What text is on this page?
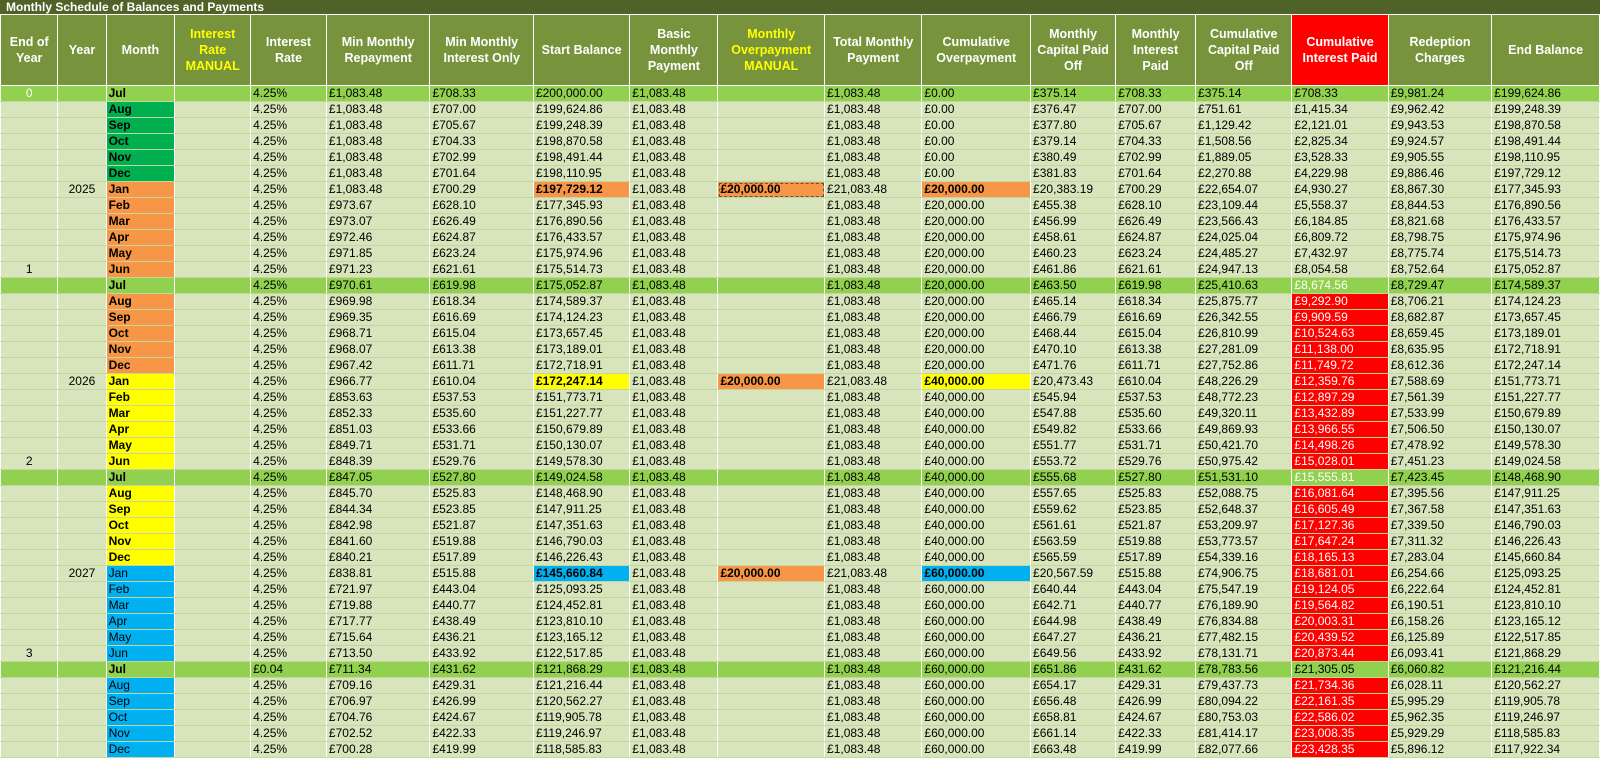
Monthly Schedule of Balances and Payments
End of Year	Year	Month	Interest Rate MANUAL	Interest Rate	Min Monthly Repayment	Min Monthly Interest Only	Start Balance	Basic Monthly Payment	Monthly Overpayment MANUAL	Total Monthly Payment	Cumulative Overpayment	Monthly Capital Paid Off	Monthly Interest Paid	Cumulative Capital Paid Off	Cumulative Interest Paid	Redeption Charges	End Balance
0		Jul		4.25%	£1,083.48	£708.33	£200,000.00	£1,083.48		£1,083.48	£0.00	£375.14	£708.33	£375.14	£708.33	£9,981.24	£199,624.86
		Aug		4.25%	£1,083.48	£707.00	£199,624.86	£1,083.48		£1,083.48	£0.00	£376.47	£707.00	£751.61	£1,415.34	£9,962.42	£199,248.39
		Sep		4.25%	£1,083.48	£705.67	£199,248.39	£1,083.48		£1,083.48	£0.00	£377.80	£705.67	£1,129.42	£2,121.01	£9,943.53	£198,870.58
		Oct		4.25%	£1,083.48	£704.33	£198,870.58	£1,083.48		£1,083.48	£0.00	£379.14	£704.33	£1,508.56	£2,825.34	£9,924.57	£198,491.44
		Nov		4.25%	£1,083.48	£702.99	£198,491.44	£1,083.48		£1,083.48	£0.00	£380.49	£702.99	£1,889.05	£3,528.33	£9,905.55	£198,110.95
		Dec		4.25%	£1,083.48	£701.64	£198,110.95	£1,083.48		£1,083.48	£0.00	£381.83	£701.64	£2,270.88	£4,229.98	£9,886.46	£197,729.12
	2025	Jan		4.25%	£1,083.48	£700.29	£197,729.12	£1,083.48	£20,000.00	£21,083.48	£20,000.00	£20,383.19	£700.29	£22,654.07	£4,930.27	£8,867.30	£177,345.93
		Feb		4.25%	£973.67	£628.10	£177,345.93	£1,083.48		£1,083.48	£20,000.00	£455.38	£628.10	£23,109.44	£5,558.37	£8,844.53	£176,890.56
		Mar		4.25%	£973.07	£626.49	£176,890.56	£1,083.48		£1,083.48	£20,000.00	£456.99	£626.49	£23,566.43	£6,184.85	£8,821.68	£176,433.57
		Apr		4.25%	£972.46	£624.87	£176,433.57	£1,083.48		£1,083.48	£20,000.00	£458.61	£624.87	£24,025.04	£6,809.72	£8,798.75	£175,974.96
		May		4.25%	£971.85	£623.24	£175,974.96	£1,083.48		£1,083.48	£20,000.00	£460.23	£623.24	£24,485.27	£7,432.97	£8,775.74	£175,514.73
1		Jun		4.25%	£971.23	£621.61	£175,514.73	£1,083.48		£1,083.48	£20,000.00	£461.86	£621.61	£24,947.13	£8,054.58	£8,752.64	£175,052.87
		Jul		4.25%	£970.61	£619.98	£175,052.87	£1,083.48		£1,083.48	£20,000.00	£463.50	£619.98	£25,410.63	£8,674.56	£8,729.47	£174,589.37
		Aug		4.25%	£969.98	£618.34	£174,589.37	£1,083.48		£1,083.48	£20,000.00	£465.14	£618.34	£25,875.77	£9,292.90	£8,706.21	£174,124.23
		Sep		4.25%	£969.35	£616.69	£174,124.23	£1,083.48		£1,083.48	£20,000.00	£466.79	£616.69	£26,342.55	£9,909.59	£8,682.87	£173,657.45
		Oct		4.25%	£968.71	£615.04	£173,657.45	£1,083.48		£1,083.48	£20,000.00	£468.44	£615.04	£26,810.99	£10,524.63	£8,659.45	£173,189.01
		Nov		4.25%	£968.07	£613.38	£173,189.01	£1,083.48		£1,083.48	£20,000.00	£470.10	£613.38	£27,281.09	£11,138.00	£8,635.95	£172,718.91
		Dec		4.25%	£967.42	£611.71	£172,718.91	£1,083.48		£1,083.48	£20,000.00	£471.76	£611.71	£27,752.86	£11,749.72	£8,612.36	£172,247.14
	2026	Jan		4.25%	£966.77	£610.04	£172,247.14	£1,083.48	£20,000.00	£21,083.48	£40,000.00	£20,473.43	£610.04	£48,226.29	£12,359.76	£7,588.69	£151,773.71
		Feb		4.25%	£853.63	£537.53	£151,773.71	£1,083.48		£1,083.48	£40,000.00	£545.94	£537.53	£48,772.23	£12,897.29	£7,561.39	£151,227.77
		Mar		4.25%	£852.33	£535.60	£151,227.77	£1,083.48		£1,083.48	£40,000.00	£547.88	£535.60	£49,320.11	£13,432.89	£7,533.99	£150,679.89
		Apr		4.25%	£851.03	£533.66	£150,679.89	£1,083.48		£1,083.48	£40,000.00	£549.82	£533.66	£49,869.93	£13,966.55	£7,506.50	£150,130.07
		May		4.25%	£849.71	£531.71	£150,130.07	£1,083.48		£1,083.48	£40,000.00	£551.77	£531.71	£50,421.70	£14,498.26	£7,478.92	£149,578.30
2		Jun		4.25%	£848.39	£529.76	£149,578.30	£1,083.48		£1,083.48	£40,000.00	£553.72	£529.76	£50,975.42	£15,028.01	£7,451.23	£149,024.58
		Jul		4.25%	£847.05	£527.80	£149,024.58	£1,083.48		£1,083.48	£40,000.00	£555.68	£527.80	£51,531.10	£15,555.81	£7,423.45	£148,468.90
		Aug		4.25%	£845.70	£525.83	£148,468.90	£1,083.48		£1,083.48	£40,000.00	£557.65	£525.83	£52,088.75	£16,081.64	£7,395.56	£147,911.25
		Sep		4.25%	£844.34	£523.85	£147,911.25	£1,083.48		£1,083.48	£40,000.00	£559.62	£523.85	£52,648.37	£16,605.49	£7,367.58	£147,351.63
		Oct		4.25%	£842.98	£521.87	£147,351.63	£1,083.48		£1,083.48	£40,000.00	£561.61	£521.87	£53,209.97	£17,127.36	£7,339.50	£146,790.03
		Nov		4.25%	£841.60	£519.88	£146,790.03	£1,083.48		£1,083.48	£40,000.00	£563.59	£519.88	£53,773.57	£17,647.24	£7,311.32	£146,226.43
		Dec		4.25%	£840.21	£517.89	£146,226.43	£1,083.48		£1,083.48	£40,000.00	£565.59	£517.89	£54,339.16	£18,165.13	£7,283.04	£145,660.84
	2027	Jan		4.25%	£838.81	£515.88	£145,660.84	£1,083.48	£20,000.00	£21,083.48	£60,000.00	£20,567.59	£515.88	£74,906.75	£18,681.01	£6,254.66	£125,093.25
		Feb		4.25%	£721.97	£443.04	£125,093.25	£1,083.48		£1,083.48	£60,000.00	£640.44	£443.04	£75,547.19	£19,124.05	£6,222.64	£124,452.81
		Mar		4.25%	£719.88	£440.77	£124,452.81	£1,083.48		£1,083.48	£60,000.00	£642.71	£440.77	£76,189.90	£19,564.82	£6,190.51	£123,810.10
		Apr		4.25%	£717.77	£438.49	£123,810.10	£1,083.48		£1,083.48	£60,000.00	£644.98	£438.49	£76,834.88	£20,003.31	£6,158.26	£123,165.12
		May		4.25%	£715.64	£436.21	£123,165.12	£1,083.48		£1,083.48	£60,000.00	£647.27	£436.21	£77,482.15	£20,439.52	£6,125.89	£122,517.85
3		Jun		4.25%	£713.50	£433.92	£122,517.85	£1,083.48		£1,083.48	£60,000.00	£649.56	£433.92	£78,131.71	£20,873.44	£6,093.41	£121,868.29
		Jul		£0.04	£711.34	£431.62	£121,868.29	£1,083.48		£1,083.48	£60,000.00	£651.86	£431.62	£78,783.56	£21,305.05	£6,060.82	£121,216.44
		Aug		4.25%	£709.16	£429.31	£121,216.44	£1,083.48		£1,083.48	£60,000.00	£654.17	£429.31	£79,437.73	£21,734.36	£6,028.11	£120,562.27
		Sep		4.25%	£706.97	£426.99	£120,562.27	£1,083.48		£1,083.48	£60,000.00	£656.48	£426.99	£80,094.22	£22,161.35	£5,995.29	£119,905.78
		Oct		4.25%	£704.76	£424.67	£119,905.78	£1,083.48		£1,083.48	£60,000.00	£658.81	£424.67	£80,753.03	£22,586.02	£5,962.35	£119,246.97
		Nov		4.25%	£702.52	£422.33	£119,246.97	£1,083.48		£1,083.48	£60,000.00	£661.14	£422.33	£81,414.17	£23,008.35	£5,929.29	£118,585.83
		Dec		4.25%	£700.28	£419.99	£118,585.83	£1,083.48		£1,083.48	£60,000.00	£663.48	£419.99	£82,077.66	£23,428.35	£5,896.12	£117,922.34
